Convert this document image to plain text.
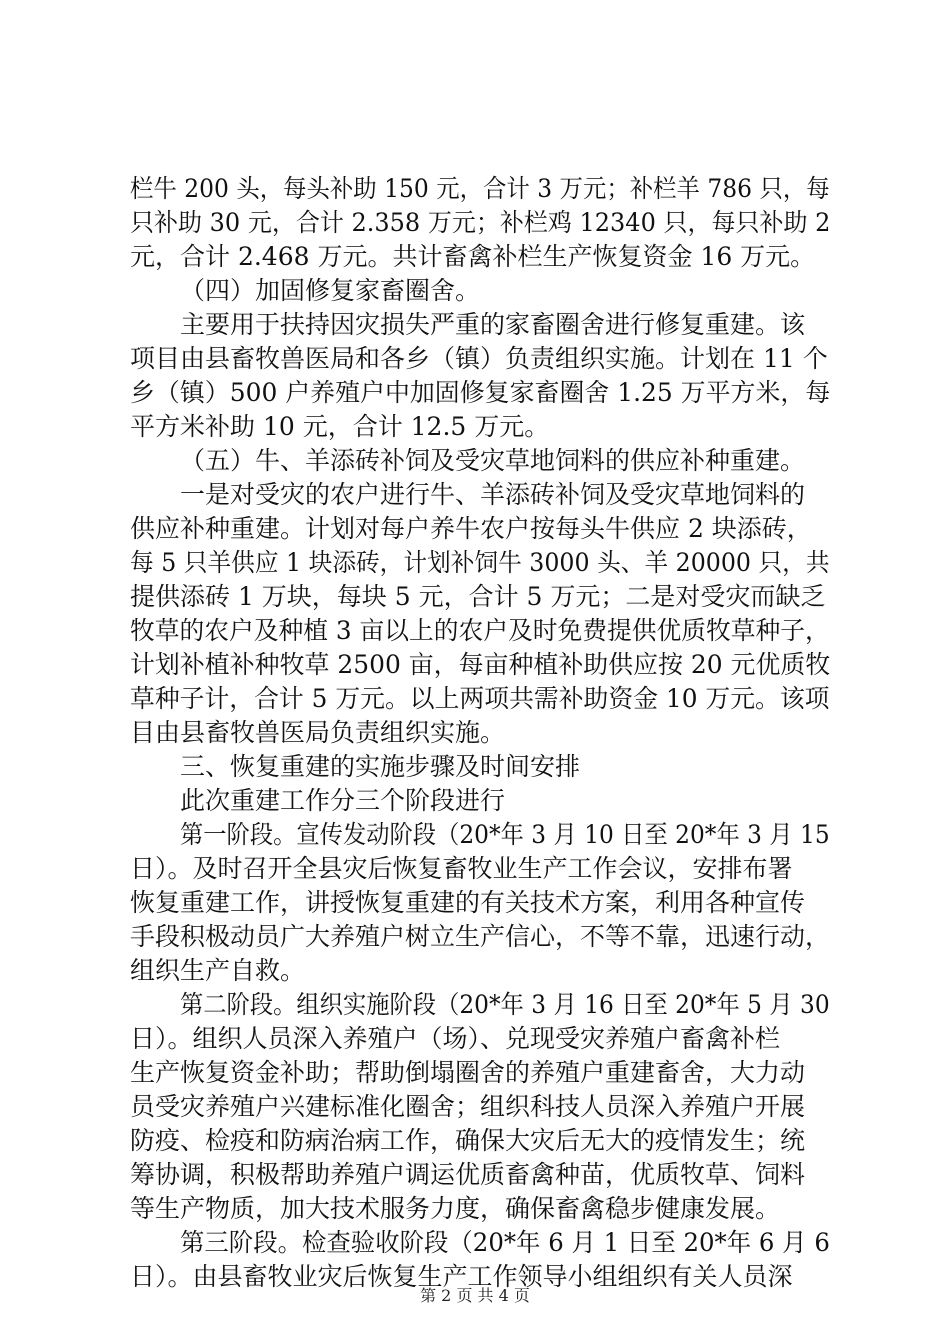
栏牛 200 头，每头补助 150 元，合计 3 万元；补栏羊 786 只，每
只补助 30 元，合计 2.358 万元；补栏鸡 12340 只，每只补助 2
元，合计 2.468 万元。共计畜禽补栏生产恢复资金 16 万元。
（四）加固修复家畜圈舍。
主要用于扶持因灾损失严重的家畜圈舍进行修复重建。该
项目由县畜牧兽医局和各乡（镇）负责组织实施。计划在 11 个
乡（镇）500 户养殖户中加固修复家畜圈舍 1.25 万平方米，每
平方米补助 10 元，合计 12.5 万元。
（五）牛、羊添砖补饲及受灾草地饲料的供应补种重建。
一是对受灾的农户进行牛、羊添砖补饲及受灾草地饲料的
供应补种重建。计划对每户养牛农户按每头牛供应 2 块添砖，
每 5 只羊供应 1 块添砖，计划补饲牛 3000 头、羊 20000 只，共
提供添砖 1 万块，每块 5 元，合计 5 万元；二是对受灾而缺乏
牧草的农户及种植 3 亩以上的农户及时免费提供优质牧草种子，
计划补植补种牧草 2500 亩，每亩种植补助供应按 20 元优质牧
草种子计，合计 5 万元。以上两项共需补助资金 10 万元。该项
目由县畜牧兽医局负责组织实施。
三、恢复重建的实施步骤及时间安排
此次重建工作分三个阶段进行
第一阶段。宣传发动阶段（20*年 3 月 10 日至 20*年 3 月 15
日）。及时召开全县灾后恢复畜牧业生产工作会议，安排布署
恢复重建工作，讲授恢复重建的有关技术方案，利用各种宣传
手段积极动员广大养殖户树立生产信心，不等不靠，迅速行动，
组织生产自救。
第二阶段。组织实施阶段（20*年 3 月 16 日至 20*年 5 月 30
日）。组织人员深入养殖户（场）、兑现受灾养殖户畜禽补栏
生产恢复资金补助；帮助倒塌圈舍的养殖户重建畜舍，大力动
员受灾养殖户兴建标准化圈舍；组织科技人员深入养殖户开展
防疫、检疫和防病治病工作，确保大灾后无大的疫情发生；统
筹协调，积极帮助养殖户调运优质畜禽种苗，优质牧草、饲料
等生产物质，加大技术服务力度，确保畜禽稳步健康发展。
第三阶段。检查验收阶段（20*年 6 月 1 日至 20*年 6 月 6
日）。由县畜牧业灾后恢复生产工作领导小组组织有关人员深
第 2 页 共 4 页
